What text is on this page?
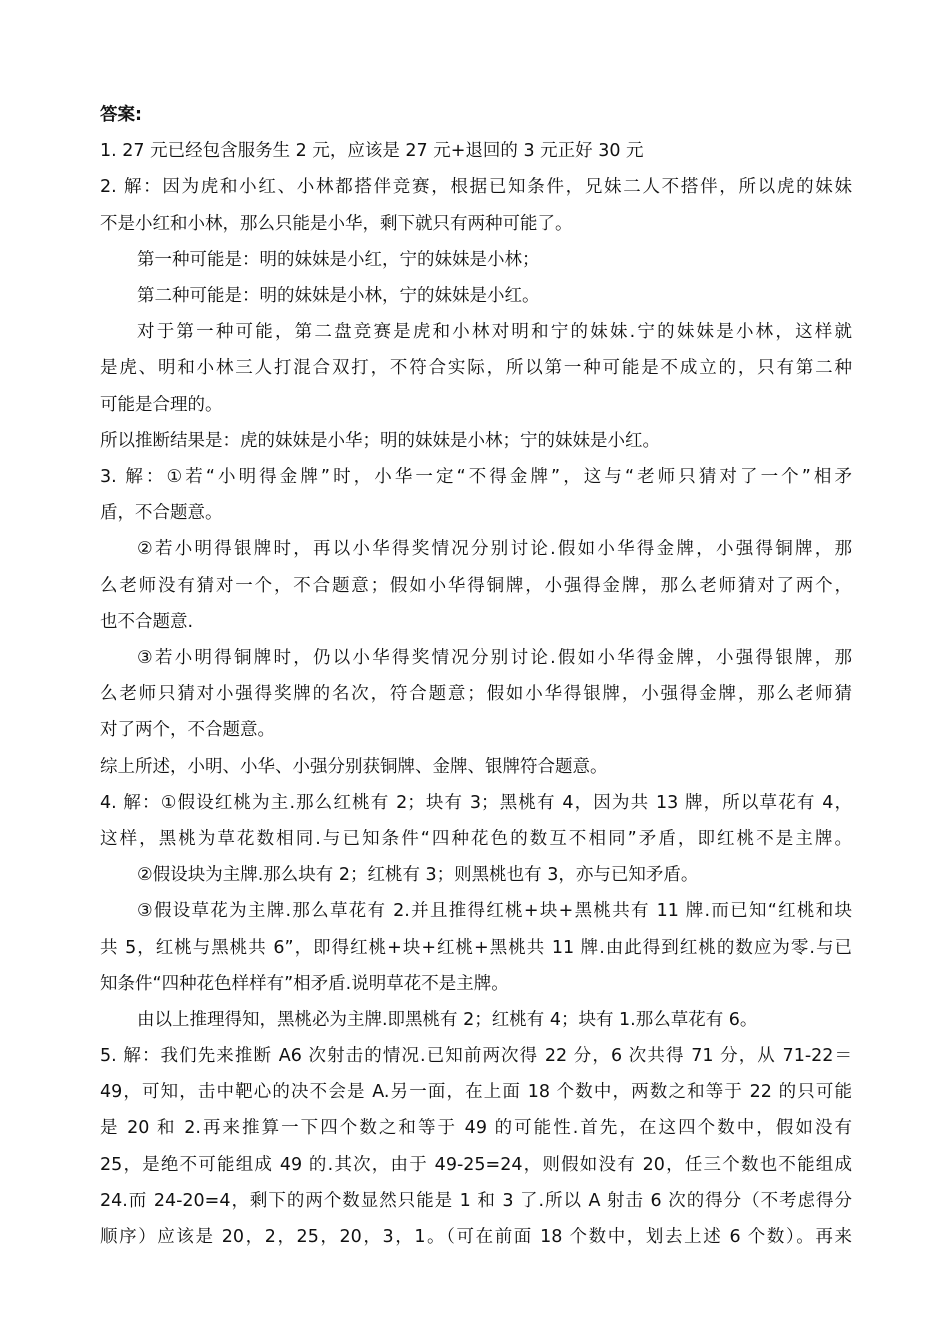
答案:
1. 27 元已经包含服务生 2 元，应该是 27 元+退回的 3 元正好 30 元
2. 解：因为虎和小红、小林都搭伴竞赛，根据已知条件，兄妹二人不搭伴，所以虎的妹妹
不是小红和小林，那么只能是小华，剩下就只有两种可能了。
第一种可能是：明的妹妹是小红，宁的妹妹是小林；
第二种可能是：明的妹妹是小林，宁的妹妹是小红。
对于第一种可能，第二盘竞赛是虎和小林对明和宁的妹妹.宁的妹妹是小林，这样就
是虎、明和小林三人打混合双打，不符合实际，所以第一种可能是不成立的，只有第二种
可能是合理的。
所以推断结果是：虎的妹妹是小华；明的妹妹是小林；宁的妹妹是小红。
3. 解：①若“小明得金牌”时，小华一定“不得金牌”，这与“老师只猜对了一个”相矛
盾，不合题意。
②若小明得银牌时，再以小华得奖情况分别讨论.假如小华得金牌，小强得铜牌，那
么老师没有猜对一个，不合题意；假如小华得铜牌，小强得金牌，那么老师猜对了两个，
也不合题意.
③若小明得铜牌时，仍以小华得奖情况分别讨论.假如小华得金牌，小强得银牌，那
么老师只猜对小强得奖牌的名次，符合题意；假如小华得银牌，小强得金牌，那么老师猜
对了两个，不合题意。
综上所述，小明、小华、小强分别获铜牌、金牌、银牌符合题意。
4. 解：①假设红桃为主.那么红桃有 2；块有 3；黑桃有 4，因为共 13 牌，所以草花有 4，
这样，黑桃为草花数相同.与已知条件“四种花色的数互不相同”矛盾，即红桃不是主牌。
②假设块为主牌.那么块有 2；红桃有 3；则黑桃也有 3，亦与已知矛盾。
③假设草花为主牌.那么草花有 2.并且推得红桃+块+黑桃共有 11 牌.而已知“红桃和块
共 5，红桃与黑桃共 6”，即得红桃+块+红桃+黑桃共 11 牌.由此得到红桃的数应为零.与已
知条件“四种花色样样有”相矛盾.说明草花不是主牌。
由以上推理得知，黑桃必为主牌.即黑桃有 2；红桃有 4；块有 1.那么草花有 6。
5. 解：我们先来推断 A6 次射击的情况.已知前两次得 22 分，6 次共得 71 分，从 71-22＝
49，可知，击中靶心的决不会是 A.另一面，在上面 18 个数中，两数之和等于 22 的只可能
是 20 和 2.再来推算一下四个数之和等于 49 的可能性.首先，在这四个数中，假如没有
25，是绝不可能组成 49 的.其次，由于 49-25=24，则假如没有 20，任三个数也不能组成
24.而 24-20=4，剩下的两个数显然只能是 1 和 3 了.所以 A 射击 6 次的得分（不考虑得分
顺序）应该是 20，2，25，20，3，1。（可在前面 18 个数中，划去上述 6 个数）。再来
